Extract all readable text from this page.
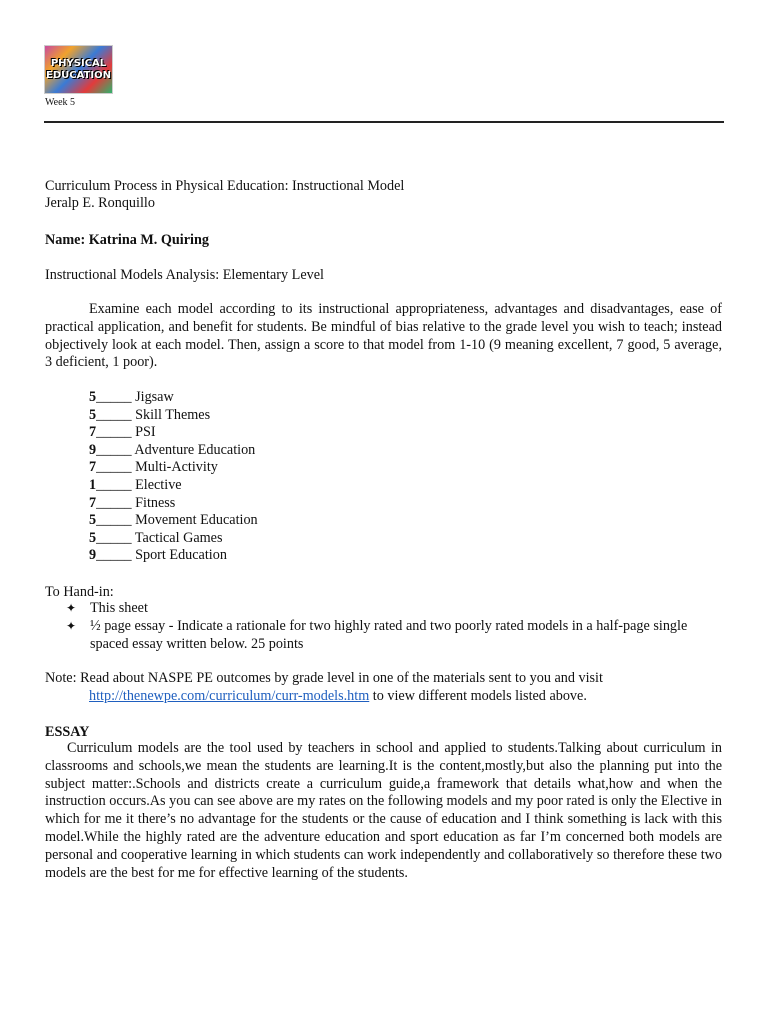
PHYSICAL
EDUCATION
Week 5
Curriculum Process in Physical Education: Instructional Model
Jeralp E. Ronquillo
Name: Katrina M. Quiring
Instructional Models Analysis: Elementary Level
Examine each model according to its instructional appropriateness, advantages and disadvantages, ease of practical application, and benefit for students. Be mindful of bias relative to the grade level you wish to teach; instead objectively look at each model. Then, assign a score to that model from 1-10 (9 meaning excellent, 7 good, 5 average, 3 deficient, 1 poor).
5_____ Jigsaw
5_____ Skill Themes
7_____ PSI
9_____ Adventure Education
7_____ Multi-Activity
1_____ Elective
7_____ Fitness
5_____ Movement Education
5_____ Tactical Games
9_____ Sport Education
To Hand-in:
✦ This sheet
✦ ½ page essay - Indicate a rationale for two highly rated and two poorly rated models in a half-page single spaced essay written below. 25 points
Note: Read about NASPE PE outcomes by grade level in one of the materials sent to you and visit
http://thenewpe.com/curriculum/curr-models.htm to view different models listed above.
ESSAY
Curriculum models are the tool used by teachers in school and applied to students.Talking about curriculum in classrooms and schools,we mean the students are learning.It is the content,mostly,but also the planning put into the subject matter:.Schools and districts create a curriculum guide,a framework that details what,how and when the instruction occurs.As you can see above are my rates on the following models and my poor rated is only the Elective in which for me it there’s no advantage for the students or the cause of education and I think something is lack with this model.While the highly rated are the adventure education and sport education as far I’m concerned both models are personal and cooperative learning in which students can work independently and collaboratively so therefore these two models are the best for me for effective learning of the students.
